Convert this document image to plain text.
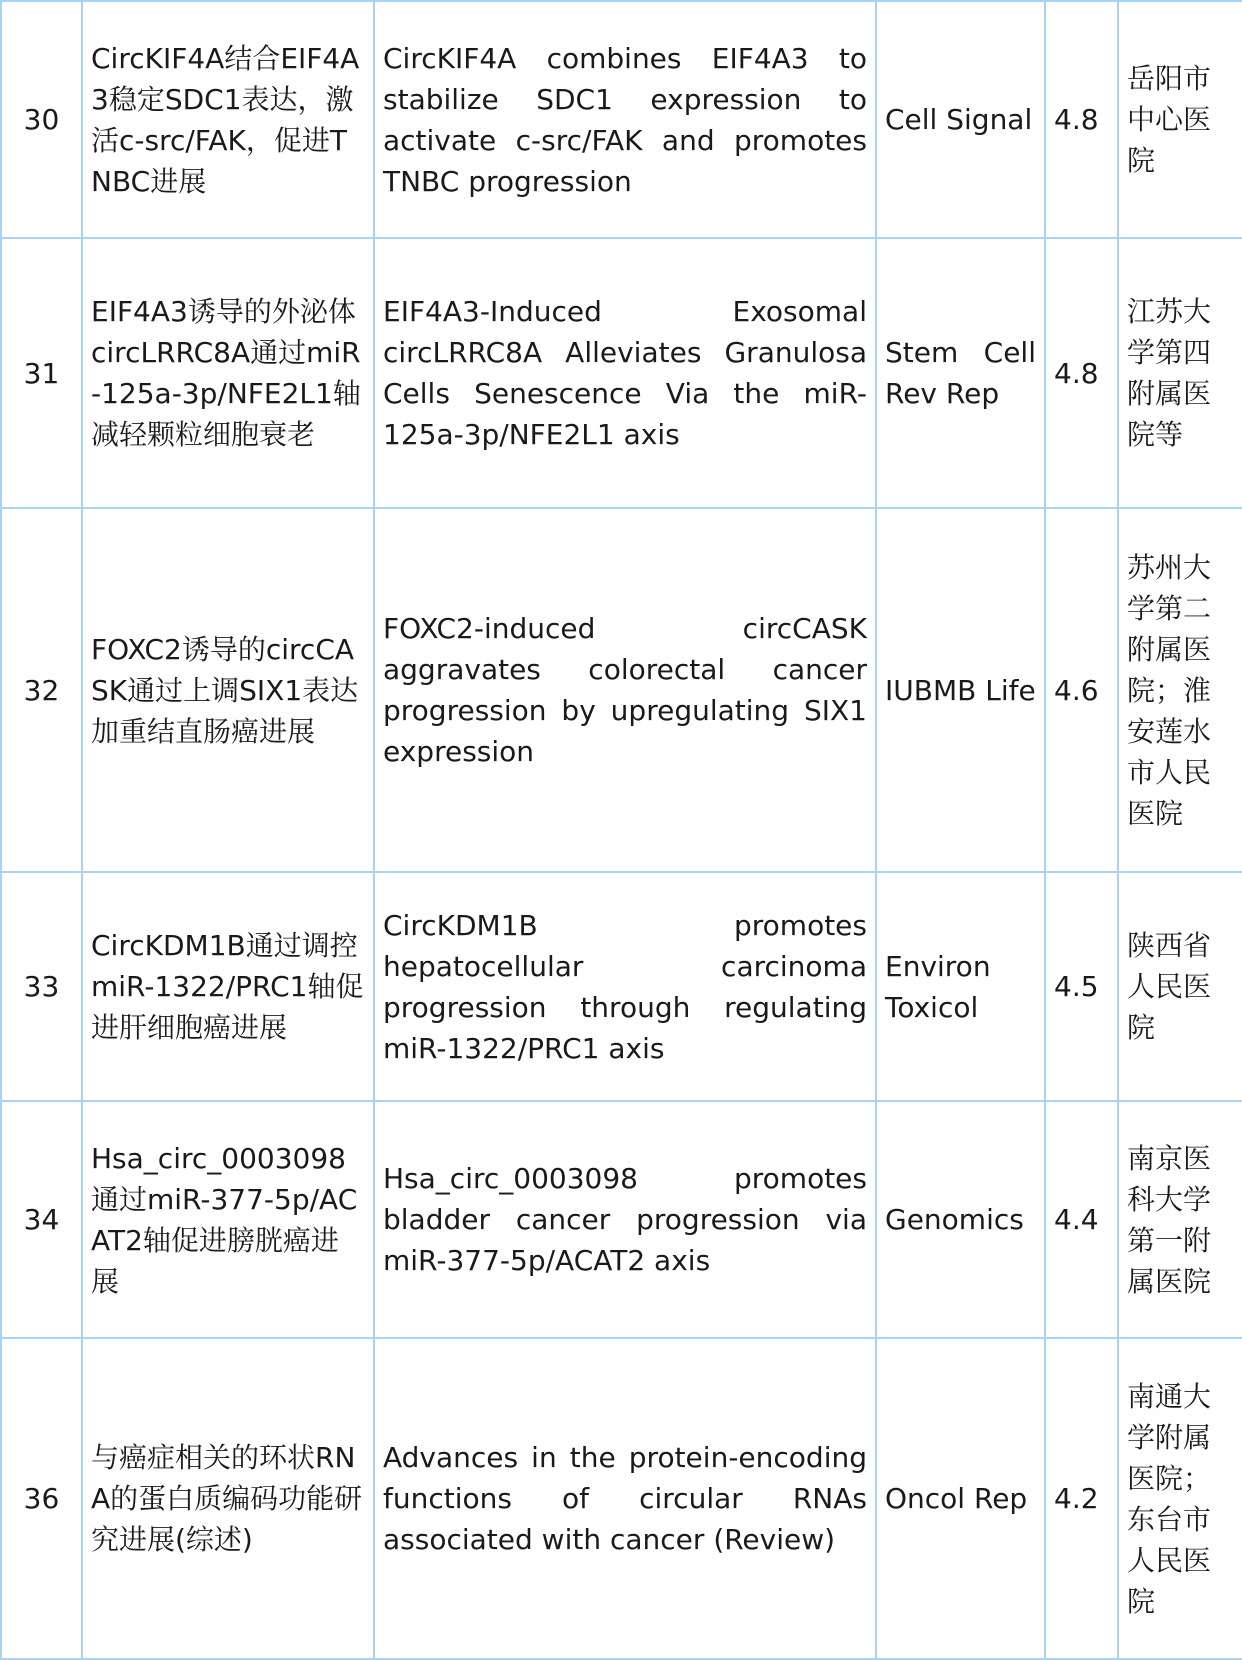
30	CircKIF4A结合EIF4A3稳定SDC1表达，激活c-src/FAK，促进TNBC进展	CircKIF4A combines EIF4A3 to stabilize SDC1 expression to activate c-src/FAK and promotes TNBC progression	Cell Signal	4.8	岳阳市中心医院
31	EIF4A3诱导的外泌体circLRRC8A通过miR-125a-3p/NFE2L1轴减轻颗粒细胞衰老	EIF4A3-Induced Exosomal circLRRC8A Alleviates Granulosa Cells Senescence Via the miR-125a-3p/NFE2L1 axis	Stem Cell Rev Rep	4.8	江苏大学第四附属医院等
32	FOXC2诱导的circCASK通过上调SIX1表达加重结直肠癌进展	FOXC2-induced circCASK aggravates colorectal cancer progression by upregulating SIX1 expression	IUBMB Life	4.6	苏州大学第二附属医院；淮安莲水市人民医院
33	CircKDM1B通过调控miR-1322/PRC1轴促进肝细胞癌进展	CircKDM1B promotes hepatocellular carcinoma progression through regulating miR-1322/PRC1 axis	Environ Toxicol	4.5	陕西省人民医院
34	Hsa_circ_0003098通过miR-377-5p/ACAT2轴促进膀胱癌进展	Hsa_circ_0003098 promotes bladder cancer progression via miR-377-5p/ACAT2 axis	Genomics	4.4	南京医科大学第一附属医院
36	与癌症相关的环状RNA的蛋白质编码功能研究进展(综述)	Advances in the protein-encoding functions of circular RNAs associated with cancer (Review)	Oncol Rep	4.2	南通大学附属医院；东台市人民医院
